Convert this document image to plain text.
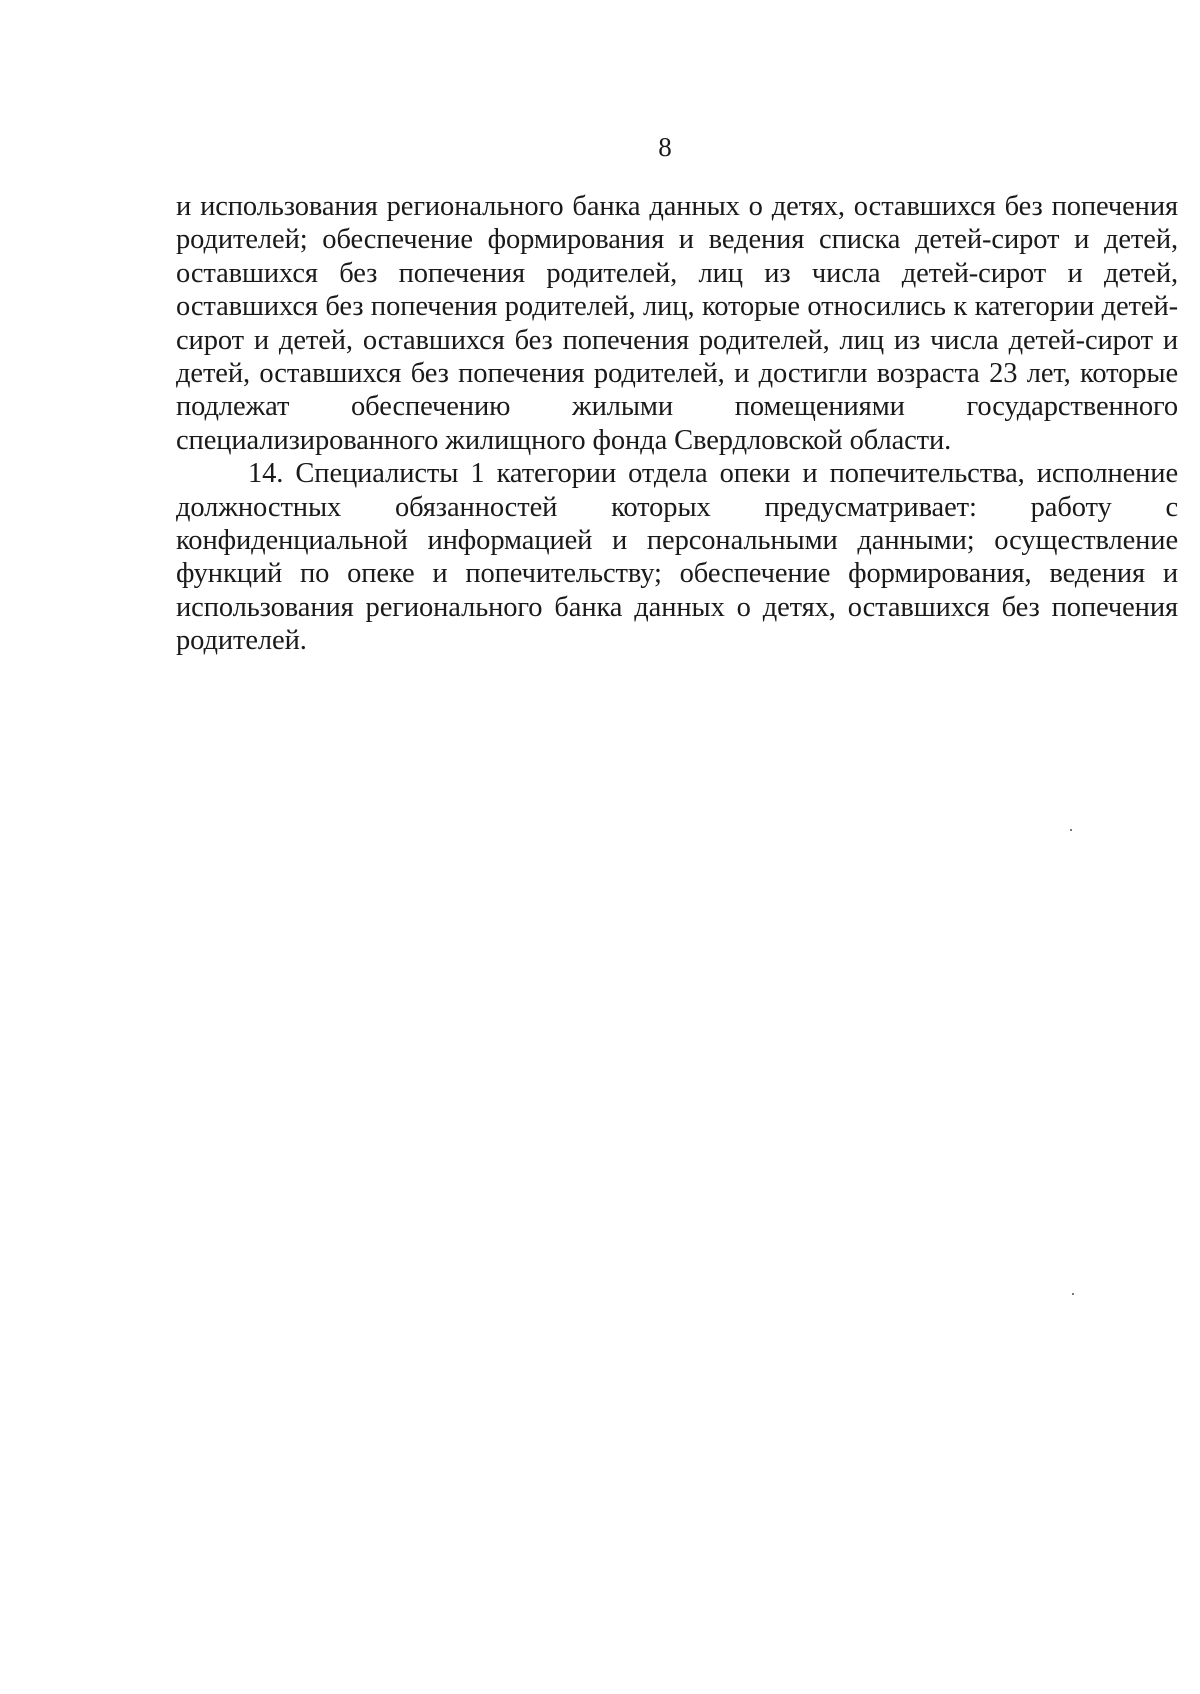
8

и использования регионального банка данных о детях, оставшихся без попечения родителей; обеспечение формирования и ведения списка детей-сирот и детей, оставшихся без попечения родителей, лиц из числа детей-сирот и детей, оставшихся без попечения родителей, лиц, которые относились к категории детей-сирот и детей, оставшихся без попечения родителей, лиц из числа детей-сирот и детей, оставшихся без попечения родителей, и достигли возраста 23 лет, которые подлежат обеспечению жилыми помещениями государственного специализированного жилищного фонда Свердловской области.

14. Специалисты 1 категории отдела опеки и попечительства, исполнение должностных обязанностей которых предусматривает: работу с конфиденциальной информацией и персональными данными; осуществление функций по опеке и попечительству; обеспечение формирования, ведения и использования регионального банка данных о детях, оставшихся без попечения родителей.
